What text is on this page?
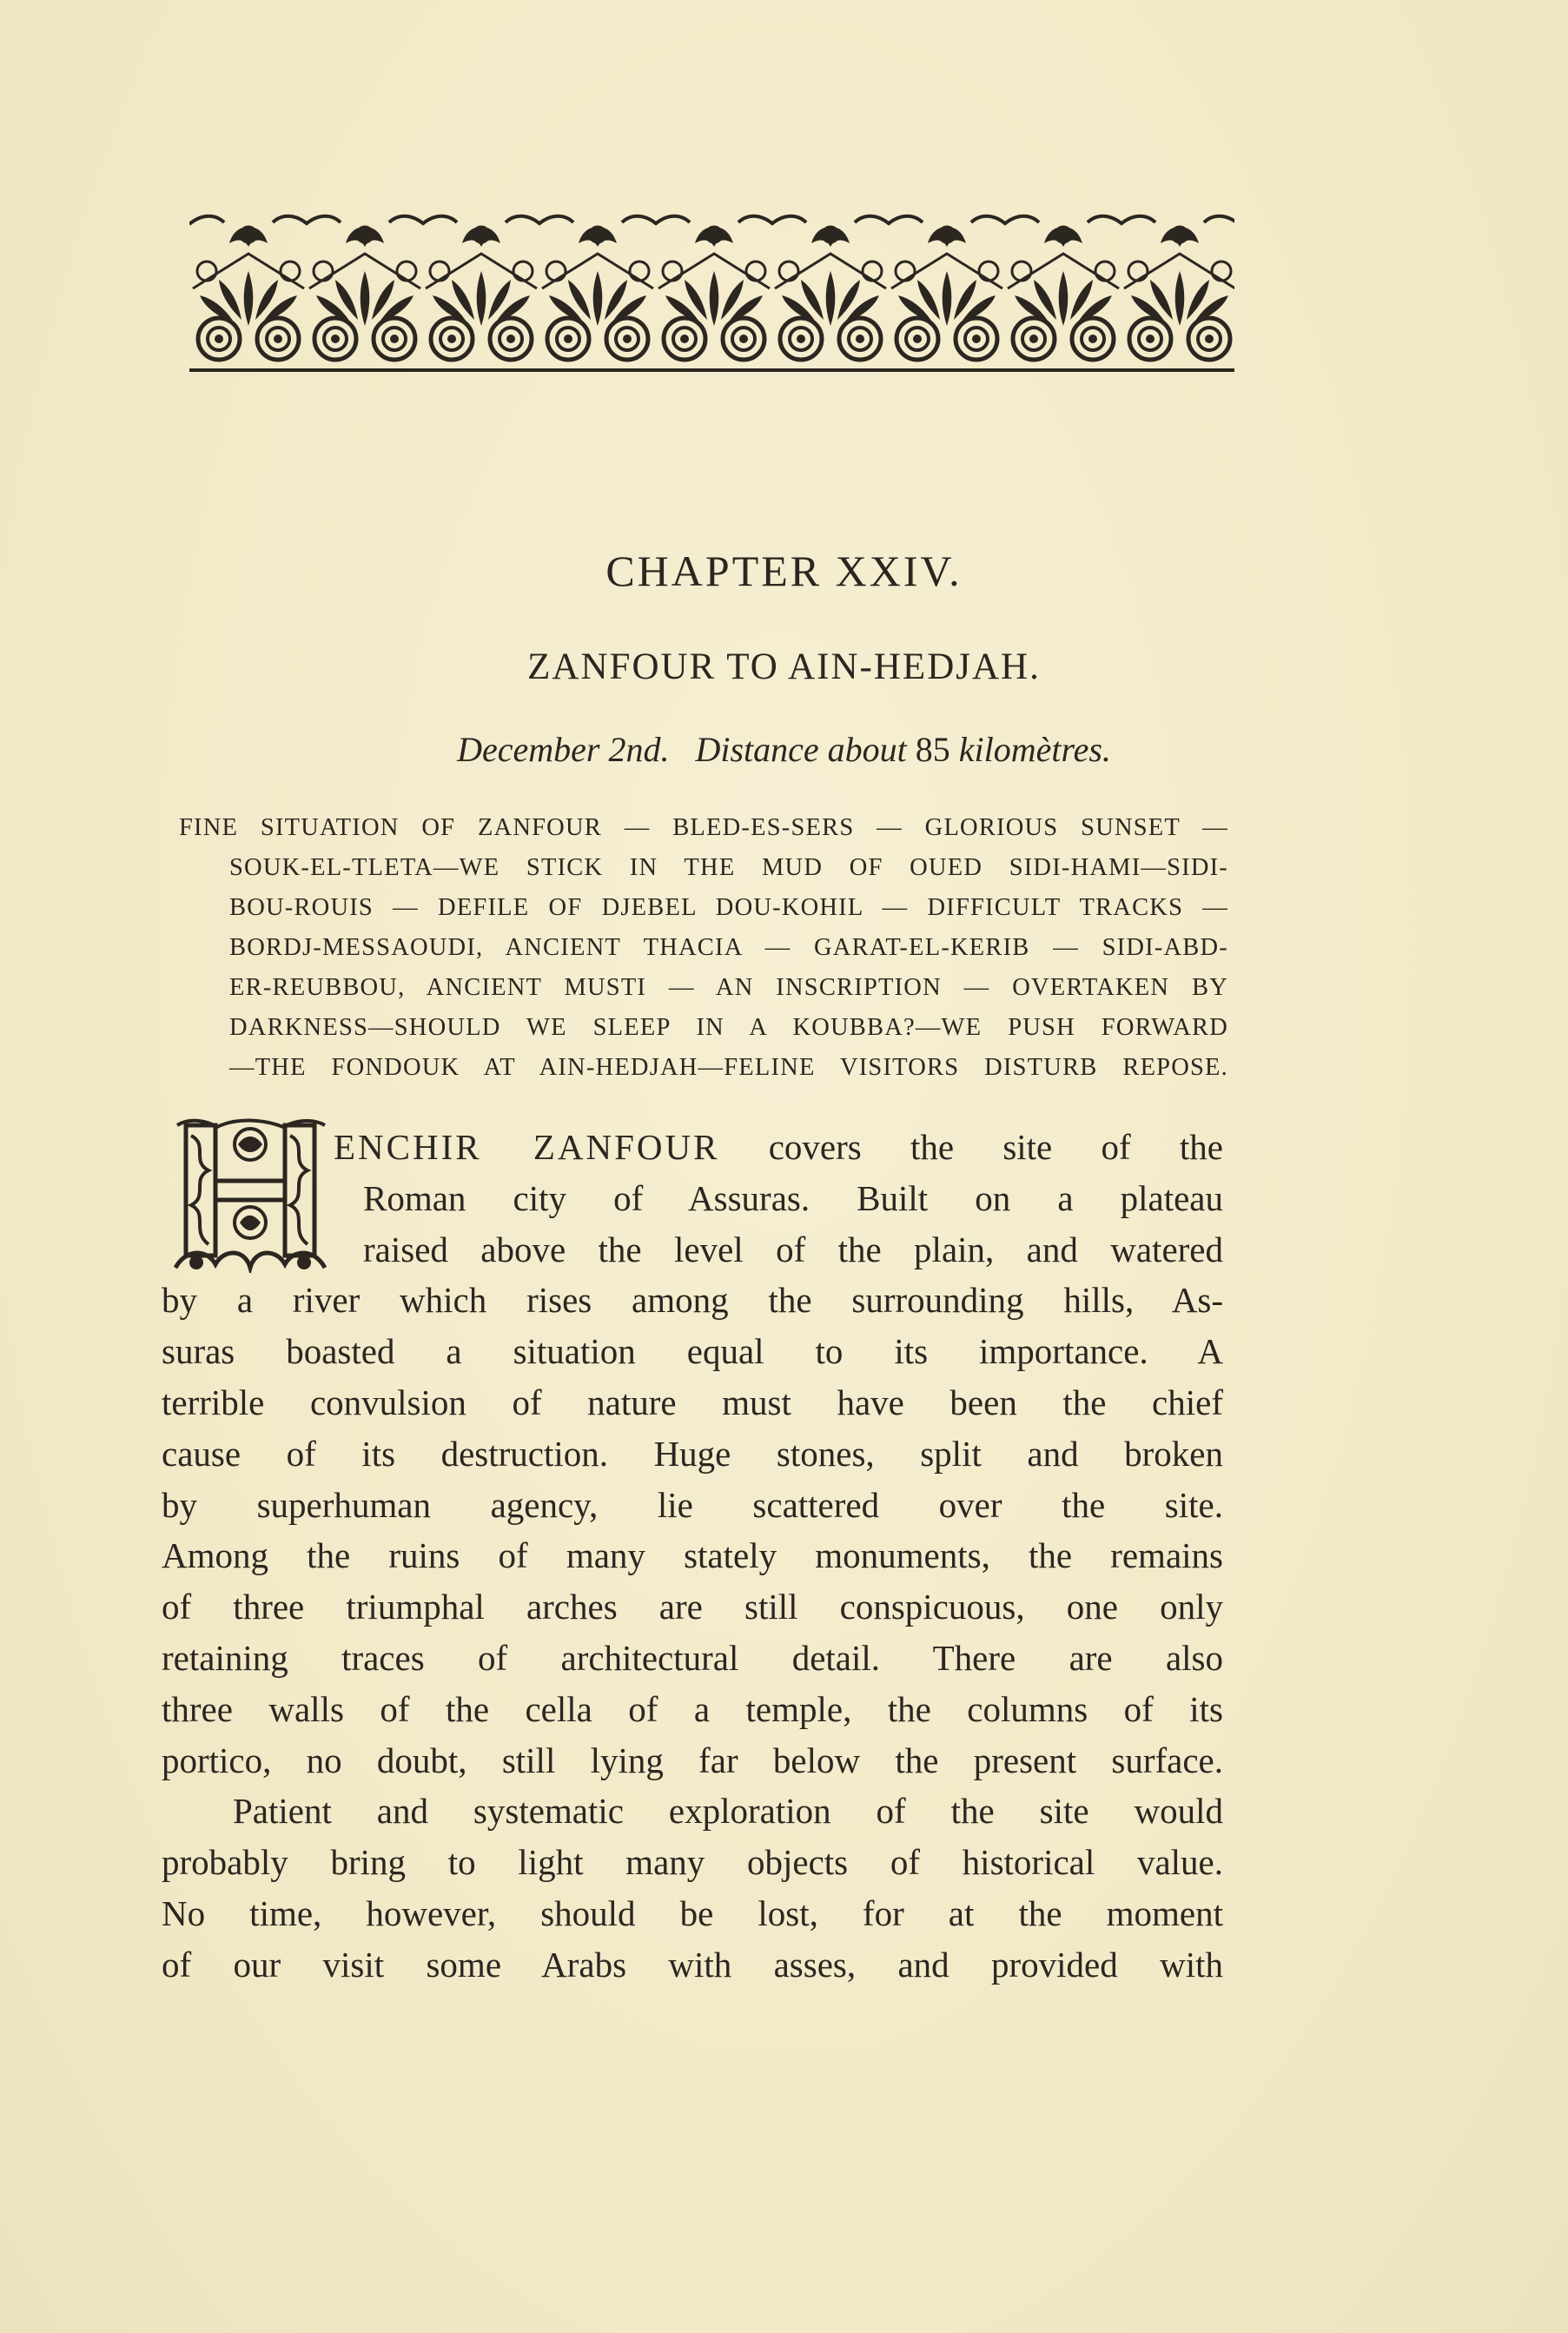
CHAPTER XXIV.
ZANFOUR TO AIN-HEDJAH.
December 2nd. Distance about 85 kilomètres.
FINE SITUATION OF ZANFOUR — BLED-ES-SERS — GLORIOUS SUNSET —
SOUK-EL-TLETA—WE STICK IN THE MUD OF OUED SIDI-HAMI—SIDI-
BOU-ROUIS — DEFILE OF DJEBEL DOU-KOHIL — DIFFICULT TRACKS —
BORDJ-MESSAOUDI, ANCIENT THACIA — GARAT-EL-KERIB — SIDI-ABD-
ER-REUBBOU, ANCIENT MUSTI — AN INSCRIPTION — OVERTAKEN BY
DARKNESS—SHOULD WE SLEEP IN A KOUBBA?—WE PUSH FORWARD
—THE FONDOUK AT AIN-HEDJAH—FELINE VISITORS DISTURB REPOSE.
ENCHIR ZANFOUR covers the site of the
Roman city of Assuras. Built on a plateau
raised above the level of the plain, and watered
by a river which rises among the surrounding hills, As-
suras boasted a situation equal to its importance. A
terrible convulsion of nature must have been the chief
cause of its destruction. Huge stones, split and broken
by superhuman agency, lie scattered over the site.
Among the ruins of many stately monuments, the remains
of three triumphal arches are still conspicuous, one only
retaining traces of architectural detail. There are also
three walls of the cella of a temple, the columns of its
portico, no doubt, still lying far below the present surface.
Patient and systematic exploration of the site would
probably bring to light many objects of historical value.
No time, however, should be lost, for at the moment
of our visit some Arabs with asses, and provided with
